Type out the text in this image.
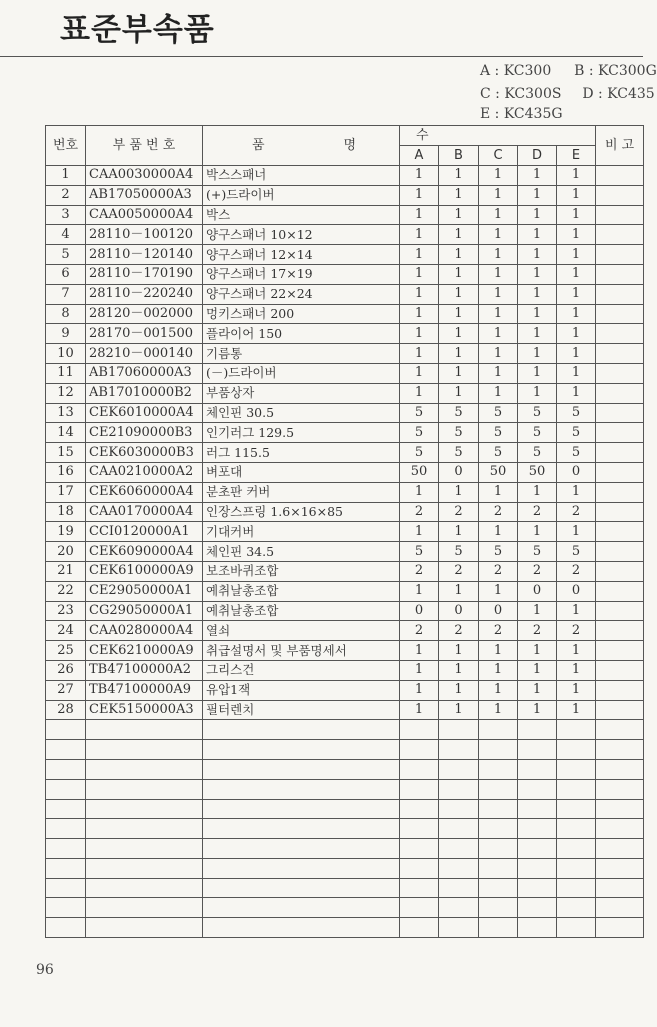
표준부속품
A : KC300 B : KC300G
C : KC300S D : KC435
E : KC435G
번호	부 품 번 호	품 명	수					비 고
			A	B	C	D	E	
1	CAA0030000A4	박스스패너	1	1	1	1	1	
2	AB17050000A3	(+)드라이버	1	1	1	1	1	
3	CAA0050000A4	박스	1	1	1	1	1	
4	28110－100120	양구스패너 10×12	1	1	1	1	1	
5	28110－120140	양구스패너 12×14	1	1	1	1	1	
6	28110－170190	양구스패너 17×19	1	1	1	1	1	
7	28110－220240	양구스패너 22×24	1	1	1	1	1	
8	28120－002000	멍키스패너 200	1	1	1	1	1	
9	28170－001500	플라이어 150	1	1	1	1	1	
10	28210－000140	기름통	1	1	1	1	1	
11	AB17060000A3	(－)드라이버	1	1	1	1	1	
12	AB17010000B2	부품상자	1	1	1	1	1	
13	CEK6010000A4	체인핀 30.5	5	5	5	5	5	
14	CE21090000B3	인기러그 129.5	5	5	5	5	5	
15	CEK6030000B3	러그 115.5	5	5	5	5	5	
16	CAA0210000A2	벼포대	50	0	50	50	0	
17	CEK6060000A4	분초판 커버	1	1	1	1	1	
18	CAA0170000A4	인장스프링 1.6×16×85	2	2	2	2	2	
19	CCI0120000A1	기대커버	1	1	1	1	1	
20	CEK6090000A4	체인핀 34.5	5	5	5	5	5	
21	CEK6100000A9	보조바퀴조합	2	2	2	2	2	
22	CE29050000A1	예취날총조합	1	1	1	0	0	
23	CG29050000A1	예취날총조합	0	0	0	1	1	
24	CAA0280000A4	열쇠	2	2	2	2	2	
25	CEK6210000A9	취급설명서 및 부품명세서	1	1	1	1	1	
26	TB47100000A2	그리스건	1	1	1	1	1	
27	TB47100000A9	유압1잭	1	1	1	1	1	
28	CEK5150000A3	필터렌치	1	1	1	1	1	

96
